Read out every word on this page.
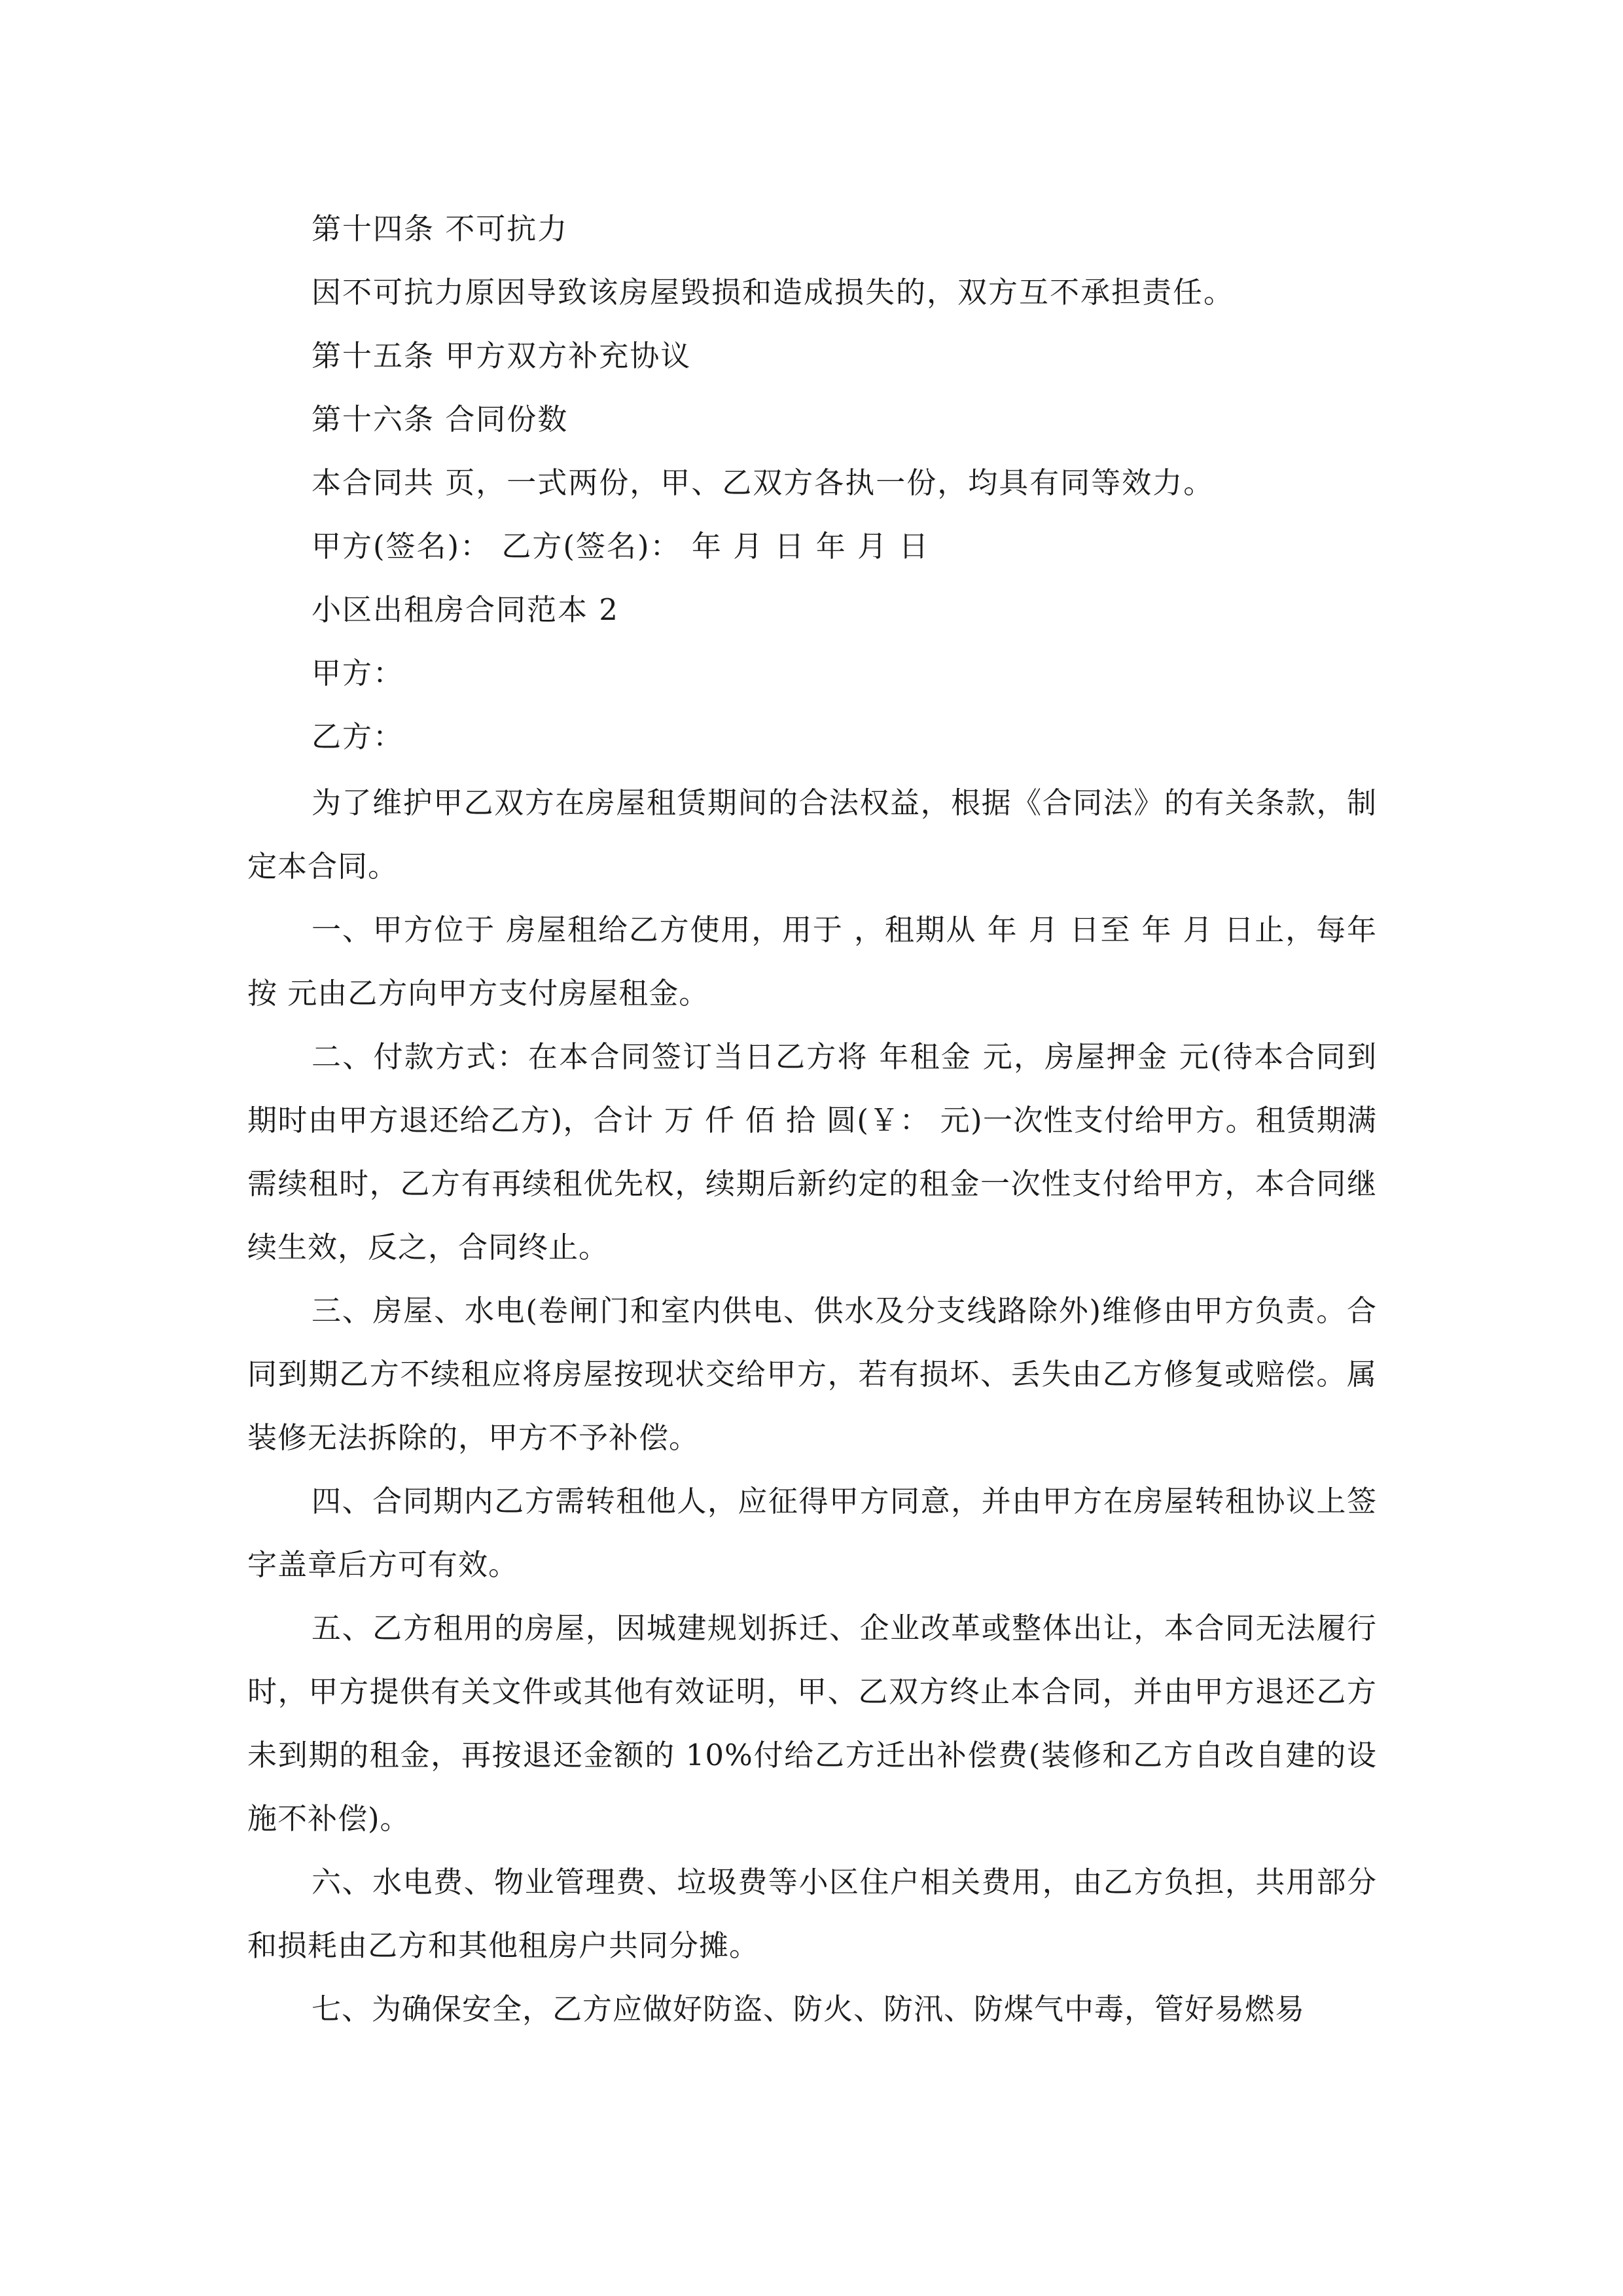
第十四条 不可抗力
因不可抗力原因导致该房屋毁损和造成损失的，双方互不承担责任。
第十五条 甲方双方补充协议
第十六条 合同份数
本合同共 页，一式两份，甲、乙双方各执一份，均具有同等效力。
甲方(签名)： 乙方(签名)： 年 月 日 年 月 日
小区出租房合同范本 2
甲方：
乙方：

为了维护甲乙双方在房屋租赁期间的合法权益，根据《合同法》的有关条款，制定本合同。

一、甲方位于 房屋租给乙方使用，用于 ，租期从 年 月 日至 年 月 日止，每年按 元由乙方向甲方支付房屋租金。

二、付款方式：在本合同签订当日乙方将 年租金 元，房屋押金 元(待本合同到期时由甲方退还给乙方)，合计 万 仟 佰 拾 圆(￥： 元)一次性支付给甲方。租赁期满需续租时，乙方有再续租优先权，续期后新约定的租金一次性支付给甲方，本合同继续生效，反之，合同终止。

三、房屋、水电(卷闸门和室内供电、供水及分支线路除外)维修由甲方负责。合同到期乙方不续租应将房屋按现状交给甲方，若有损坏、丢失由乙方修复或赔偿。属装修无法拆除的，甲方不予补偿。

四、合同期内乙方需转租他人，应征得甲方同意，并由甲方在房屋转租协议上签字盖章后方可有效。

五、乙方租用的房屋，因城建规划拆迁、企业改革或整体出让，本合同无法履行时，甲方提供有关文件或其他有效证明，甲、乙双方终止本合同，并由甲方退还乙方未到期的租金，再按退还金额的 10%付给乙方迁出补偿费(装修和乙方自改自建的设施不补偿)。

六、水电费、物业管理费、垃圾费等小区住户相关费用，由乙方负担，共用部分和损耗由乙方和其他租房户共同分摊。

七、为确保安全，乙方应做好防盗、防火、防汛、防煤气中毒，管好易燃易
